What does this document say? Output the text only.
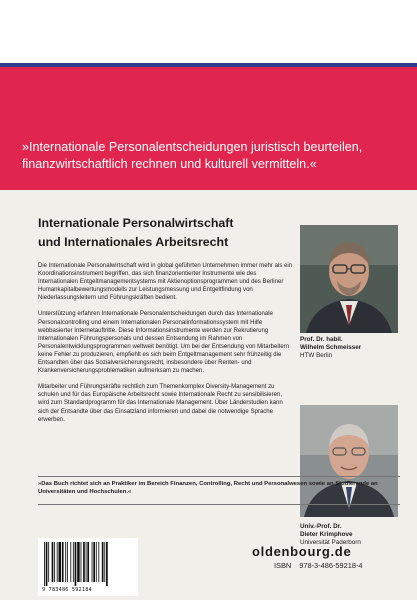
»Internationale Personalentscheidungen juristisch beurteilen, finanzwirtschaftlich rechnen und kulturell vermitteln.«

Internationale Personalwirtschaft
und Internationales Arbeitsrecht

Die Internationale Personalwirtschaft wird in global geführten Unternehmen immer mehr als ein Koordinationsinstrument begriffen, das sich finanzorientierter Instrumente wie des Internationalen Entgeltmanagementsystems mit Aktienoptionsprogrammen und des Berliner Humankapitalbewertungsmodells zur Leistungsmessung und Entgeltfindung von Niederlassungsleitern und Führungskräften bedient.

Unterstützung erfahren Internationale Personalentscheidungen durch das Internationale Personalcontrolling und einem Internationalen Personalinformationssystem mit Hilfe webbasierter Internetauftritte. Diese Informationsinstrumente werden zur Rekrutierung Internationalen Führungspersonals und dessen Entsendung im Rahmen von Personalentwicklungsprogrammen weltweit benötigt. Um bei der Entsendung von Mitarbeitern keine Fehler zu produzieren, empfiehlt es sich beim Entgeltmanagement sehr frühzeitig die Entsandten über das Sozialversicherungsrecht, insbesondere über Renten- und Krankenversicherungsproblematiken aufmerksam zu machen.

Mitarbeiter und Führungskräfte rechtlich zum Themenkomplex Diversity-Management zu schulen und für das Europäische Arbeitsrecht sowie Internationale Recht zu sensibilisieren, wird zum Standardprogramm für das Internationale Management. Über Länderstudien kann sich der Entsandte über das Einsatzland informieren und dabei die notwendige Sprache erwerben.

Prof. Dr. habil.
Wilhelm Schmeisser
HTW Berlin
Univ.-Prof. Dr.
Dieter Krimphove
Universität Paderborn

»Das Buch richtet sich an Praktiker im Bereich Finanzen, Controlling, Recht und Personalwesen sowie an Studierende an Universitäten und Hochschulen.«

9 783486 592184
oldenbourg.de
ISBN 978-3-486-59218-4
